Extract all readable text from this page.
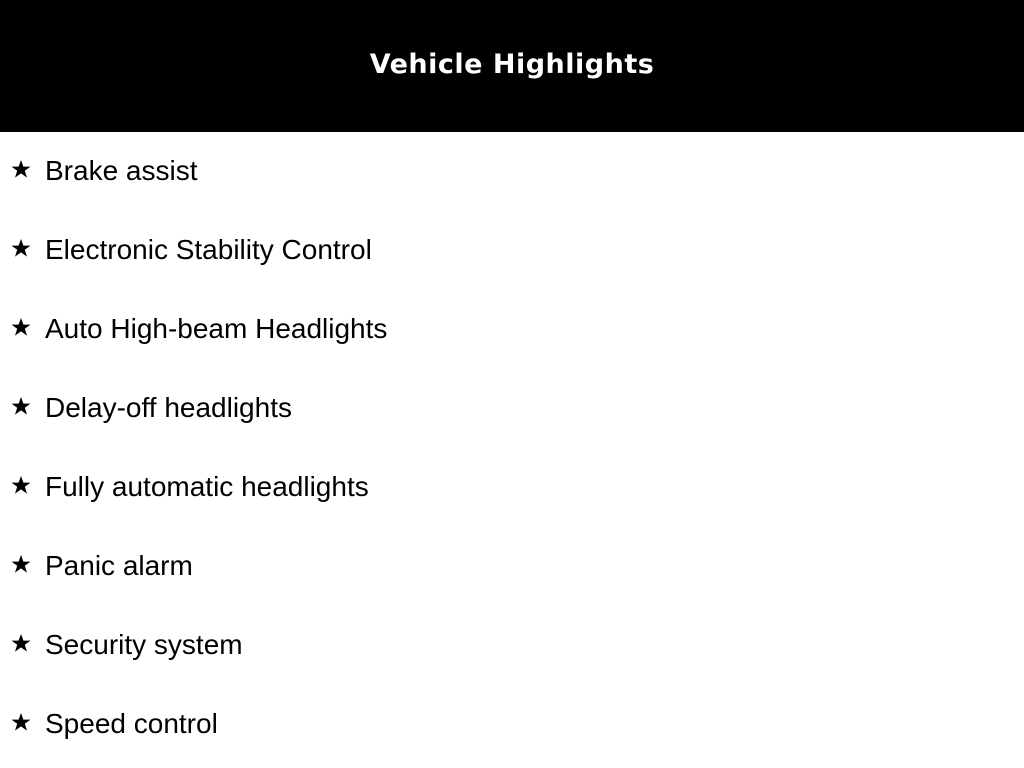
Vehicle Highlights
Brake assist
Electronic Stability Control
Auto High-beam Headlights
Delay-off headlights
Fully automatic headlights
Panic alarm
Security system
Speed control
